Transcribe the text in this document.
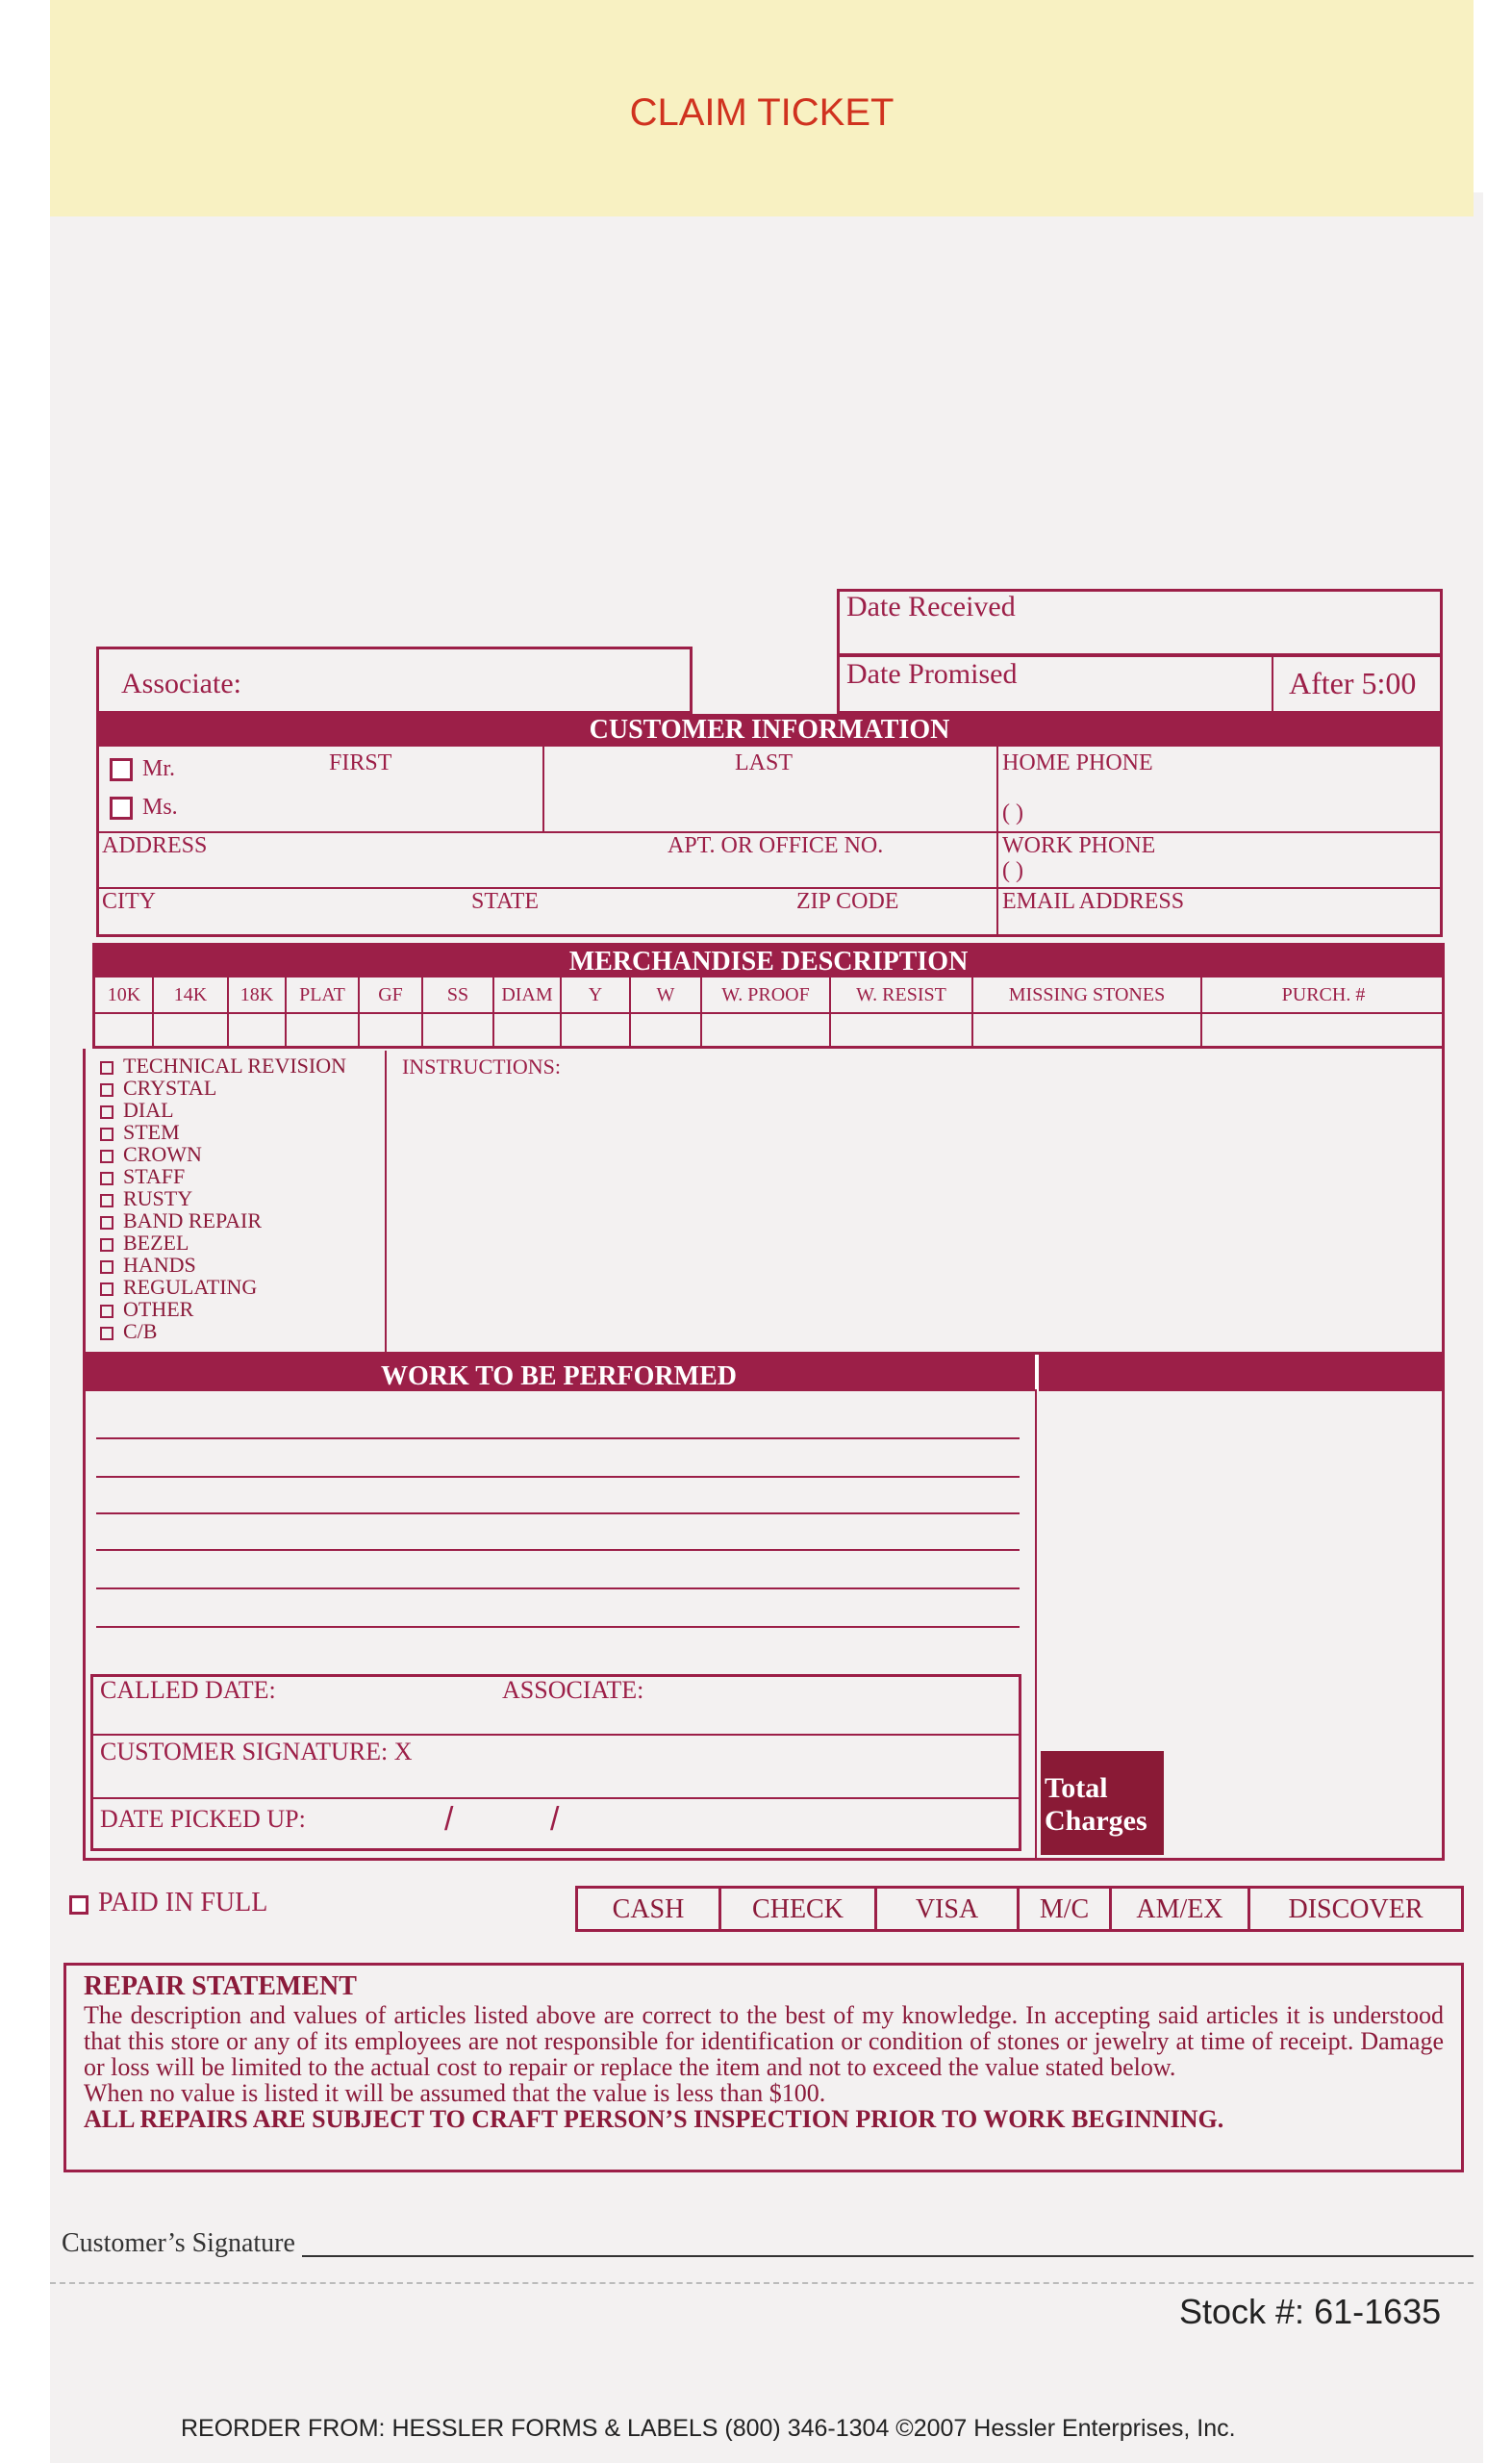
CLAIM TICKET
Date Received
Date Promised	After 5:00
Associate:
CUSTOMER INFORMATION
Mr.
Ms.
FIRST	LAST	HOME PHONE
( )
ADDRESS	APT. OR OFFICE NO.	WORK PHONE
( )
CITY	STATE	ZIP CODE	EMAIL ADDRESS
MERCHANDISE DESCRIPTION
10K	14K	18K	PLAT	GF	SS	DIAM	Y	W	W. PROOF	W. RESIST	MISSING STONES	PURCH. #
TECHNICAL REVISION
CRYSTAL
DIAL
STEM
CROWN
STAFF
RUSTY
BAND REPAIR
BEZEL
HANDS
REGULATING
OTHER
C/B
INSTRUCTIONS:
WORK TO BE PERFORMED
CALLED DATE:	ASSOCIATE:
CUSTOMER SIGNATURE: X
DATE PICKED UP:	/	/
Total
Charges
PAID IN FULL	CASH	CHECK	VISA	M/C	AM/EX	DISCOVER
REPAIR STATEMENT
The description and values of articles listed above are correct to the best of my knowledge. In accepting said articles it is understood that this store or any of its employees are not responsible for identification or condition of stones or jewelry at time of receipt. Damage or loss will be limited to the actual cost to repair or replace the item and not to exceed the value stated below.
When no value is listed it will be assumed that the value is less than $100.
ALL REPAIRS ARE SUBJECT TO CRAFT PERSON’S INSPECTION PRIOR TO WORK BEGINNING.
Customer’s Signature
Stock #: 61-1635
REORDER FROM: HESSLER FORMS & LABELS (800) 346-1304 ©2007 Hessler Enterprises, Inc.
